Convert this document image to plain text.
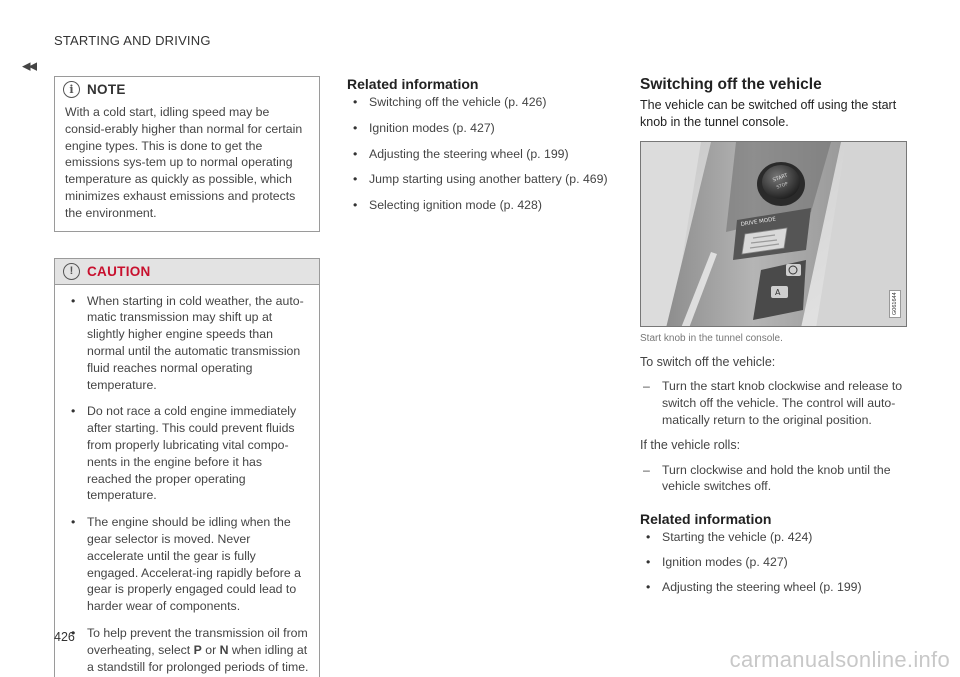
STARTING AND DRIVING
◂◂
i NOTE
With a cold start, idling speed may be consid-erably higher than normal for certain engine types. This is done to get the emissions sys-tem up to normal operating temperature as quickly as possible, which minimizes exhaust emissions and protects the environment.
!	CAUTION
• When starting in cold weather, the auto-matic transmission may shift up at slightly higher engine speeds than normal until the automatic transmission fluid reaches normal operating temperature.
• Do not race a cold engine immediately after starting. This could prevent fluids from properly lubricating vital compo-nents in the engine before it has reached the proper operating temperature.
• The engine should be idling when the gear selector is moved. Never accelerate until the gear is fully engaged. Accelerat-ing rapidly before a gear is properly engaged could lead to harder wear of components.
• To help prevent the transmission oil from overheating, select P or N when idling at a standstill for prolonged periods of time.
Related information
• Switching off the vehicle (p. 426)
• Ignition modes (p. 427)
• Adjusting the steering wheel (p. 199)
• Jump starting using another battery (p. 469)
• Selecting ignition mode (p. 428)
Switching off the vehicle

The vehicle can be switched off using the start knob in the tunnel console.

START
STOP
DRIVE MODE
A
G061644
Start knob in the tunnel console.

To switch off the vehicle:

– Turn the start knob clockwise and release to switch off the vehicle. The control will auto-matically return to the original position.

If the vehicle rolls:

– Turn clockwise and hold the knob until the vehicle switches off.
Related information
• Starting the vehicle (p. 424)
• Ignition modes (p. 427)
• Adjusting the steering wheel (p. 199)
426
carmanualsonline.info
